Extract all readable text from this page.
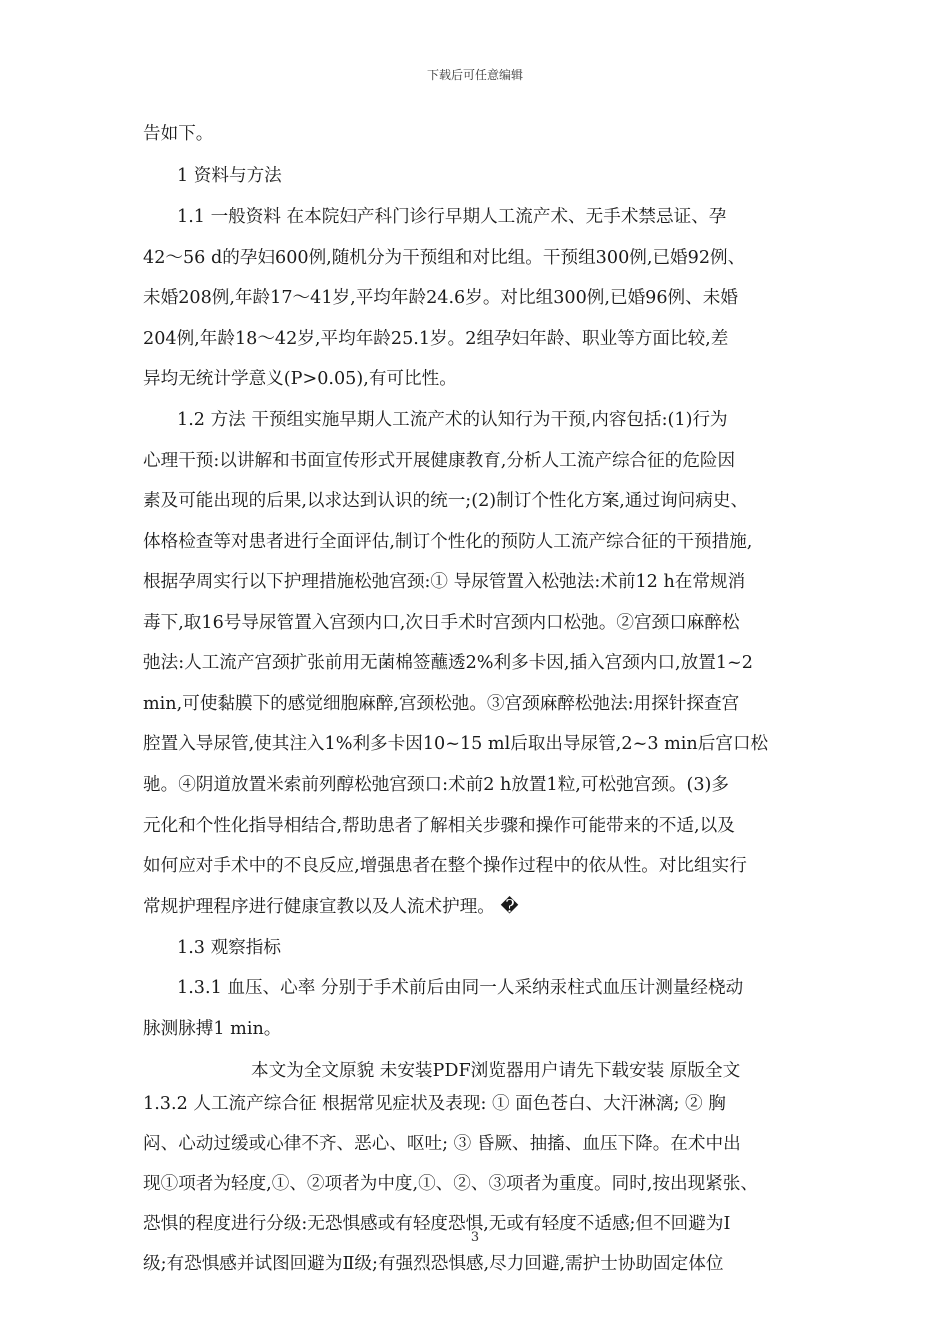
下载后可任意编辑
告如下。
1 资料与方法
1.1 一般资料 在本院妇产科门诊行早期人工流产术、无手术禁忌证、孕
42～56 d的孕妇600例,随机分为干预组和对比组。干预组300例,已婚92例、
未婚208例,年龄17～41岁,平均年龄24.6岁。对比组300例,已婚96例、未婚
204例,年龄18～42岁,平均年龄25.1岁。2组孕妇年龄、职业等方面比较,差
异均无统计学意义(P>0.05),有可比性。
1.2 方法 干预组实施早期人工流产术的认知行为干预,内容包括:(1)行为
心理干预:以讲解和书面宣传形式开展健康教育,分析人工流产综合征的危险因
素及可能出现的后果,以求达到认识的统一;(2)制订个性化方案,通过询问病史、
体格检查等对患者进行全面评估,制订个性化的预防人工流产综合征的干预措施,
根据孕周实行以下护理措施松弛宫颈:① 导尿管置入松弛法:术前12 h在常规消
毒下,取16号导尿管置入宫颈内口,次日手术时宫颈内口松弛。②宫颈口麻醉松
弛法:人工流产宫颈扩张前用无菌棉签蘸透2%利多卡因,插入宫颈内口,放置1~2
min,可使黏膜下的感觉细胞麻醉,宫颈松弛。③宫颈麻醉松弛法:用探针探查宫
腔置入导尿管,使其注入1%利多卡因10~15 ml后取出导尿管,2~3 min后宫口松
驰。④阴道放置米索前列醇松弛宫颈口:术前2 h放置1粒,可松弛宫颈。(3)多
元化和个性化指导相结合,帮助患者了解相关步骤和操作可能带来的不适,以及
如何应对手术中的不良反应,增强患者在整个操作过程中的依从性。对比组实行
常规护理程序进行健康宣教以及人流术护理。 �
1.3 观察指标
1.3.1 血压、心率 分别于手术前后由同一人采纳汞柱式血压计测量经桡动
脉测脉搏1 min。
本文为全文原貌 未安装PDF浏览器用户请先下载安装 原版全文
1.3.2 人工流产综合征 根据常见症状及表现: ① 面色苍白、大汗淋漓; ② 胸
闷、心动过缓或心律不齐、恶心、呕吐; ③ 昏厥、抽搐、血压下降。在术中出
现①项者为轻度,①、②项者为中度,①、②、③项者为重度。同时,按出现紧张、
恐惧的程度进行分级:无恐惧感或有轻度恐惧,无或有轻度不适感;但不回避为Ⅰ
级;有恐惧感并试图回避为Ⅱ级;有强烈恐惧感,尽力回避,需护士协助固定体位
3
